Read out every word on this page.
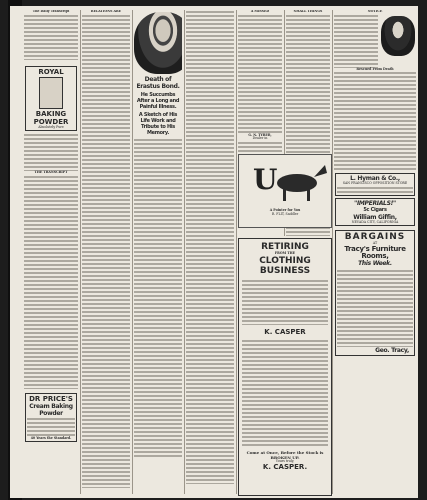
The Daily Transcript

ROYAL
BAKING
POWDER
Absolutely Pure

THE TRANSCRIPT

DR PRICE'S
Cream Baking
Powder
40 Years the Standard.

RELATIONS ARE

Death of Erastus Bond.

He Succumbs After a Long and Painful Illness.

A Sketch of His Life Work and Tribute to His Memory.

A MISSED

G. N. TYRER,

Dealer in

SMALL THINGS

U

A Pointer for You

R. FLIT, Saddler

RETIRING
FROM THE
CLOTHING BUSINESS
K. CASPER
Come at Once, Before the Stock is
BROKEN UP.
Yours truly,
K. CASPER.

NOTICE

Rescued From Death

L. Hyman & Co.,
SAN FRANCISCO OPPOSITION STORE
"IMPERIALS!"
5c Cigars
William Giffin,
NEVADA CITY, CALIFORNIA
BARGAINS
AT
Tracy's Furniture Rooms,
This Week.
Geo. Tracy,
